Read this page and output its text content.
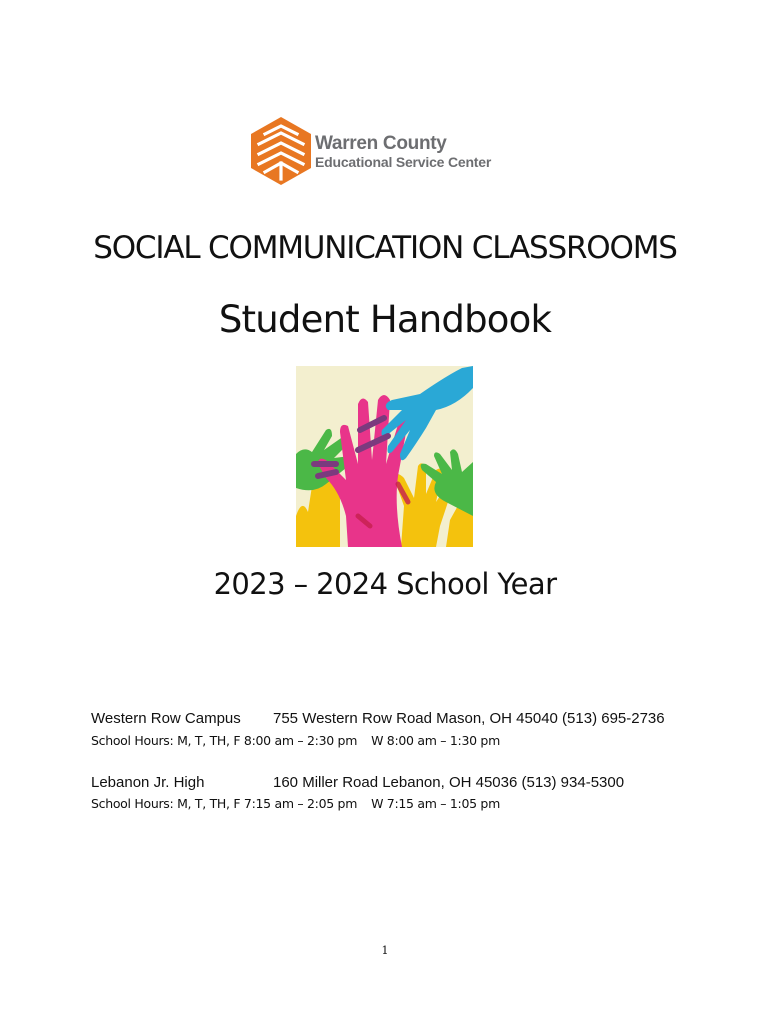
Warren County
Educational Service Center
SOCIAL COMMUNICATION CLASSROOMS
Student Handbook
2023 – 2024 School Year
Western Row Campus 755 Western Row Road Mason, OH 45040 (513) 695-2736
School Hours: M, T, TH, F 8:00 am – 2:30 pm W 8:00 am – 1:30 pm
Lebanon Jr. High	160 Miller Road Lebanon, OH 45036 (513) 934-5300
School Hours: M, T, TH, F 7:15 am – 2:05 pm W 7:15 am – 1:05 pm
1
